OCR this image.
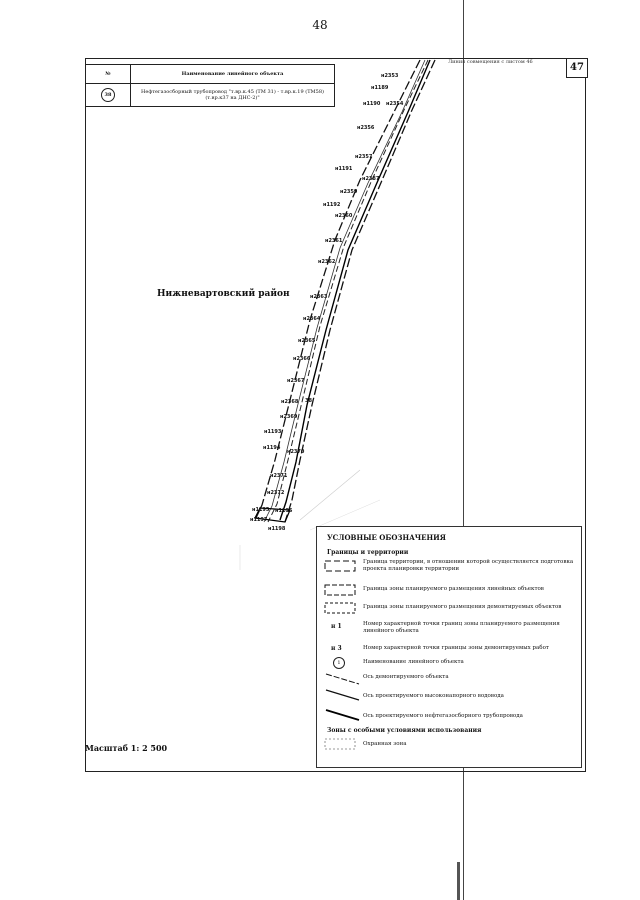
48
47
Линия совмещения с листом 46
№	Наименование линейного объекта
38	Нефтегазосборный трубопровод "т.вр.к.45 (ТМ 31) - т.вр.к.19 (ТМ58)
(т.вр.к37 на ДНС-2)"
н2353
н1189
н1190 н2354
н2356
н2357
н1191
н2387
н2359
н1192
н2360
н2361
н2362
н2363
н2364
н2365
н2366
н2367
н2368 38
н2369
н1193
н1194
н2370
н2371
н2372
н1195 н1196
н1197
н1198
Нижневартовский район
Масштаб 1: 2 500
УСЛОВНЫЕ ОБОЗНАЧЕНИЯ
Границы и территории
Граница территории, в отношении которой осуществляется подготовка проекта планировки территории
Граница зоны планируемого размещения линейных объектов
Граница зоны планируемого размещения демонтируемых объектов
н 1	Номер характерной точки границ зоны планируемого размещения линейного объекта
н 3	Номер характерной точки границы зоны демонтируемых работ
1	Наименование линейного объекта
Ось демонтируемого объекта
Ось проектируемого высоконапорного водовода
Ось проектируемого нефтегазосборного трубопровода
Зоны с особыми условиями использования
Охранная зона
